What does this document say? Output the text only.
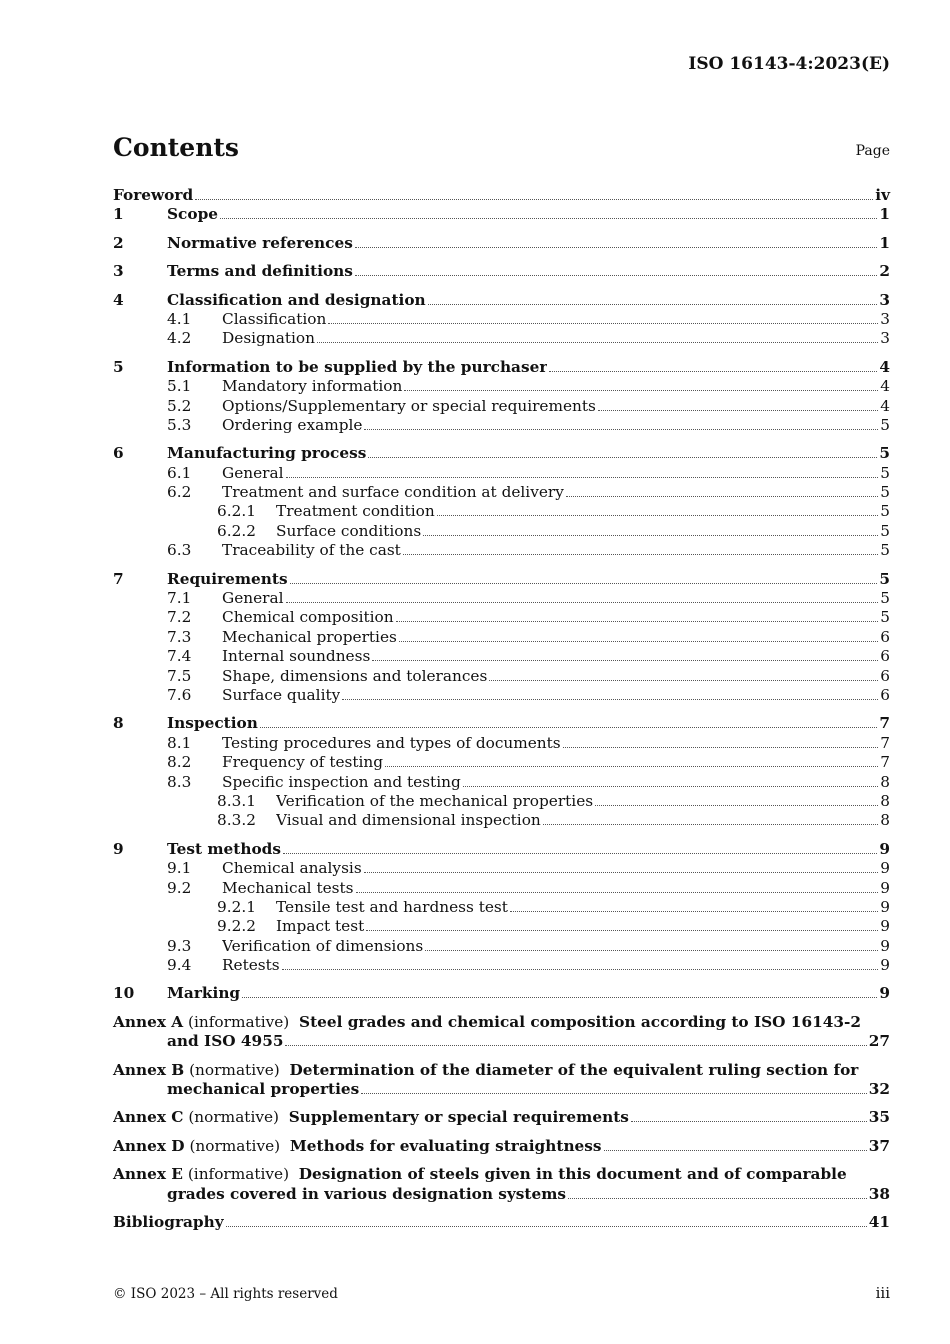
ISO 16143-4:2023(E)
Contents	Page
Foreword	iv
1	Scope	1
2	Normative references	1
3	Terms and definitions	2
4	Classification and designation	3
4.1	Classification	3
4.2	Designation	3
5	Information to be supplied by the purchaser	4
5.1	Mandatory information	4
5.2	Options/Supplementary or special requirements	4
5.3	Ordering example	5
6	Manufacturing process	5
6.1	General	5
6.2	Treatment and surface condition at delivery	5
6.2.1	Treatment condition	5
6.2.2	Surface conditions	5
6.3	Traceability of the cast	5
7	Requirements	5
7.1	General	5
7.2	Chemical composition	5
7.3	Mechanical properties	6
7.4	Internal soundness	6
7.5	Shape, dimensions and tolerances	6
7.6	Surface quality	6
8	Inspection	7
8.1	Testing procedures and types of documents	7
8.2	Frequency of testing	7
8.3	Specific inspection and testing	8
8.3.1	Verification of the mechanical properties	8
8.3.2	Visual and dimensional inspection	8
9	Test methods	9
9.1	Chemical analysis	9
9.2	Mechanical tests	9
9.2.1	Tensile test and hardness test	9
9.2.2	Impact test	9
9.3	Verification of dimensions	9
9.4	Retests	9
10	Marking	9
Annex A (informative) Steel grades and chemical composition according to ISO 16143-2
and ISO 4955	27
Annex B (normative) Determination of the diameter of the equivalent ruling section for
mechanical properties	32
Annex C (normative) Supplementary or special requirements	35
Annex D (normative) Methods for evaluating straightness	37
Annex E (informative) Designation of steels given in this document and of comparable
grades covered in various designation systems	38
Bibliography	41
© ISO 2023 – All rights reserved	iii
